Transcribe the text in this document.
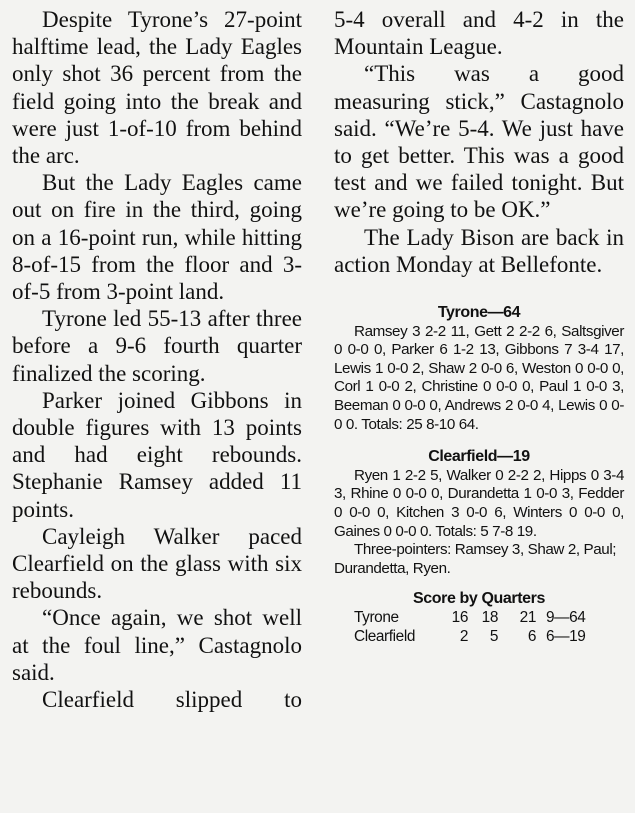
Despite Tyrone’s 27-point halftime lead, the Lady Eagles only shot 36 percent from the field going into the break and were just 1-of-10 from behind the arc.

But the Lady Eagles came out on fire in the third, going on a 16-point run, while hitting 8-of-15 from the floor and 3-of-5 from 3-point land.

Tyrone led 55-13 after three before a 9-6 fourth quarter finalized the scoring.

Parker joined Gibbons in double figures with 13 points and had eight rebounds. Stephanie Ramsey added 11 points.

Cayleigh Walker paced Clearfield on the glass with six rebounds.

“Once again, we shot well at the foul line,” Castagnolo said.

Clearfield slipped to

5-4 overall and 4-2 in the Mountain League.

“This was a good measuring stick,” Castagnolo said. “We’re 5-4. We just have to get better. This was a good test and we failed tonight. But we’re going to be OK.”

The Lady Bison are back in action Monday at Bellefonte.

Tyrone—64

Ramsey 3 2-2 11, Gett 2 2-2 6, Saltsgiver 0 0-0 0, Parker 6 1-2 13, Gibbons 7 3-4 17, Lewis 1 0-0 2, Shaw 2 0-0 6, Weston 0 0-0 0, Corl 1 0-0 2, Christine 0 0-0 0, Paul 1 0-0 3, Beeman 0 0-0 0, Andrews 2 0-0 4, Lewis 0 0-0 0. Totals: 25 8-10 64.

Clearfield—19

Ryen 1 2-2 5, Walker 0 2-2 2, Hipps 0 3-4 3, Rhine 0 0-0 0, Durandetta 1 0-0 3, Fedder 0 0-0 0, Kitchen 3 0-0 6, Winters 0 0-0 0, Gaines 0 0-0 0. Totals: 5 7-8 19.

Three-pointers: Ramsey 3, Shaw 2, Paul; Durandetta, Ryen.

Score by Quarters

Tyrone	16	18	21	9—64
Clearfield	2	5	6	6—19
